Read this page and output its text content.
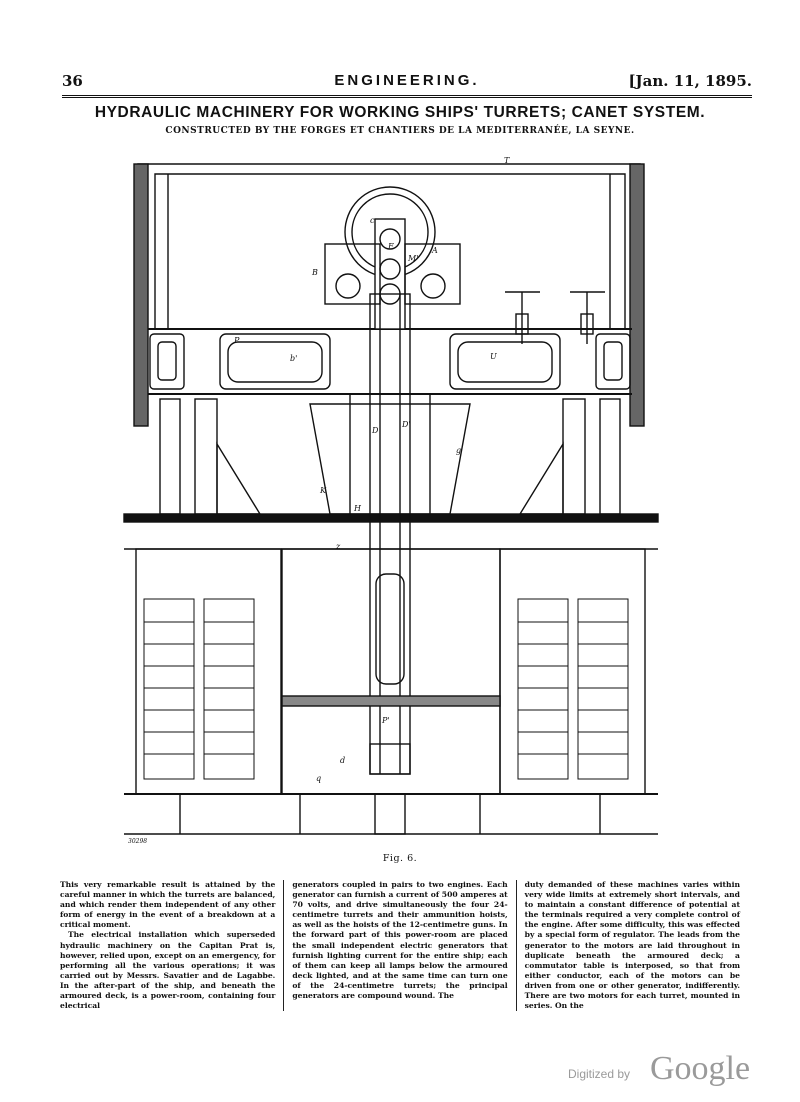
36	ENGINEERING.	[Jan. 11, 1895.
HYDRAULIC MACHINERY FOR WORKING SHIPS' TURRETS; CANET SYSTEM.
CONSTRUCTED BY THE FORGES ET CHANTIERS DE LA MEDITERRANÉE, LA SEYNE.
T
c
A
B
M'
F
D
D'
K
H
P
b'	U
g
P'
d
q
z
30298
Fig. 6.

This very remarkable result is attained by the careful manner in which the turrets are balanced, and which render them independent of any other form of energy in the event of a breakdown at a critical moment.

The electrical installation which superseded hydraulic machinery on the Capitan Prat is, however, relied upon, except on an emergency, for performing all the various operations; it was carried out by Messrs. Savatier and de Lagabbe. In the after-part of the ship, and beneath the armoured deck, is a power-room, containing four electrical

generators coupled in pairs to two engines. Each generator can furnish a current of 500 amperes at 70 volts, and drive simultaneously the four 24-centimetre turrets and their ammunition hoists, as well as the hoists of the 12-centimetre guns. In the forward part of this power-room are placed the small independent electric generators that furnish lighting current for the entire ship; each of them can keep all lamps below the armoured deck lighted, and at the same time can turn one of the 24-centimetre turrets; the principal generators are compound wound. The

duty demanded of these machines varies within very wide limits at extremely short intervals, and to maintain a constant difference of potential at the terminals required a very complete control of the engine. After some difficulty, this was effected by a special form of regulator. The leads from the generator to the motors are laid throughout in duplicate beneath the armoured deck; a commutator table is interposed, so that from either conductor, each of the motors can be driven from one or other generator, indifferently. There are two motors for each turret, mounted in series. On the

Digitized by Google
